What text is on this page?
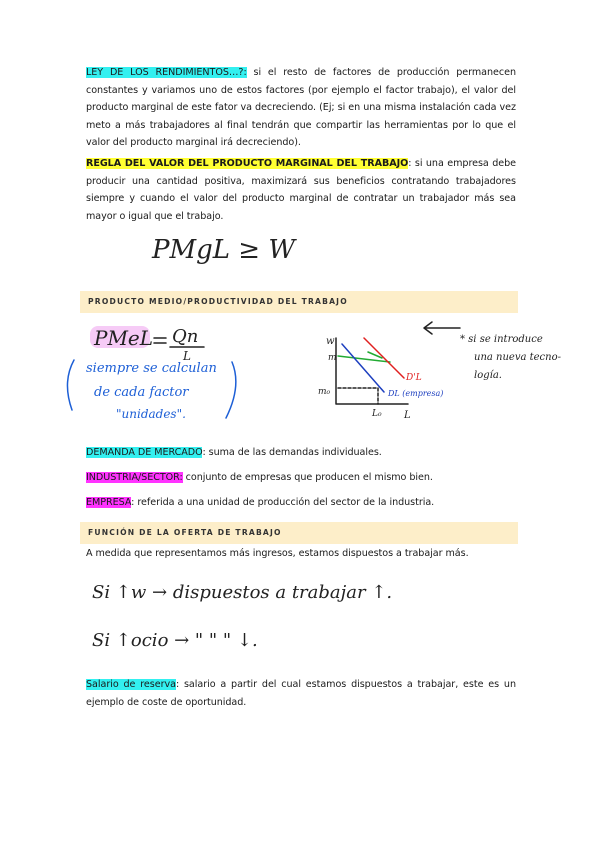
LEY DE LOS RENDIMIENTOS…?: si el resto de factores de producción permanecen constantes y variamos uno de estos factores (por ejemplo el factor trabajo), el valor del producto marginal de este fator va decreciendo. (Ej; si en una misma instalación cada vez meto a más trabajadores al final tendrán que compartir las herramientas por lo que el valor del producto marginal irá decreciendo).

REGLA DEL VALOR DEL PRODUCTO MARGINAL DEL TRABAJO: si una empresa debe producir una cantidad positiva, maximizará sus beneficios contratando trabajadores siempre y cuando el valor del producto marginal de contratar un trabajador más sea mayor o igual que el trabajo.

PMgL ≥ W
PRODUCTO MEDIO/PRODUCTIVIDAD DEL TRABAJO
PMeL Qn
L
siempre se calculan
de cada factor
"unidades".
w
m
m₀
D'L
DL (empresa)
L₀ L
* si se introduce
una nueva tecno-
logía.

DEMANDA DE MERCADO: suma de las demandas individuales.

INDUSTRIA/SECTOR: conjunto de empresas que producen el mismo bien.

EMPRESA: referida a una unidad de producción del sector de la industria.

FUNCIÓN DE LA OFERTA DE TRABAJO

A medida que representamos más ingresos, estamos dispuestos a trabajar más.

Si ↑w → dispuestos a trabajar ↑.
Si ↑ocio → " " " ↓.

Salario de reserva: salario a partir del cual estamos dispuestos a trabajar, este es un ejemplo de coste de oportunidad.
